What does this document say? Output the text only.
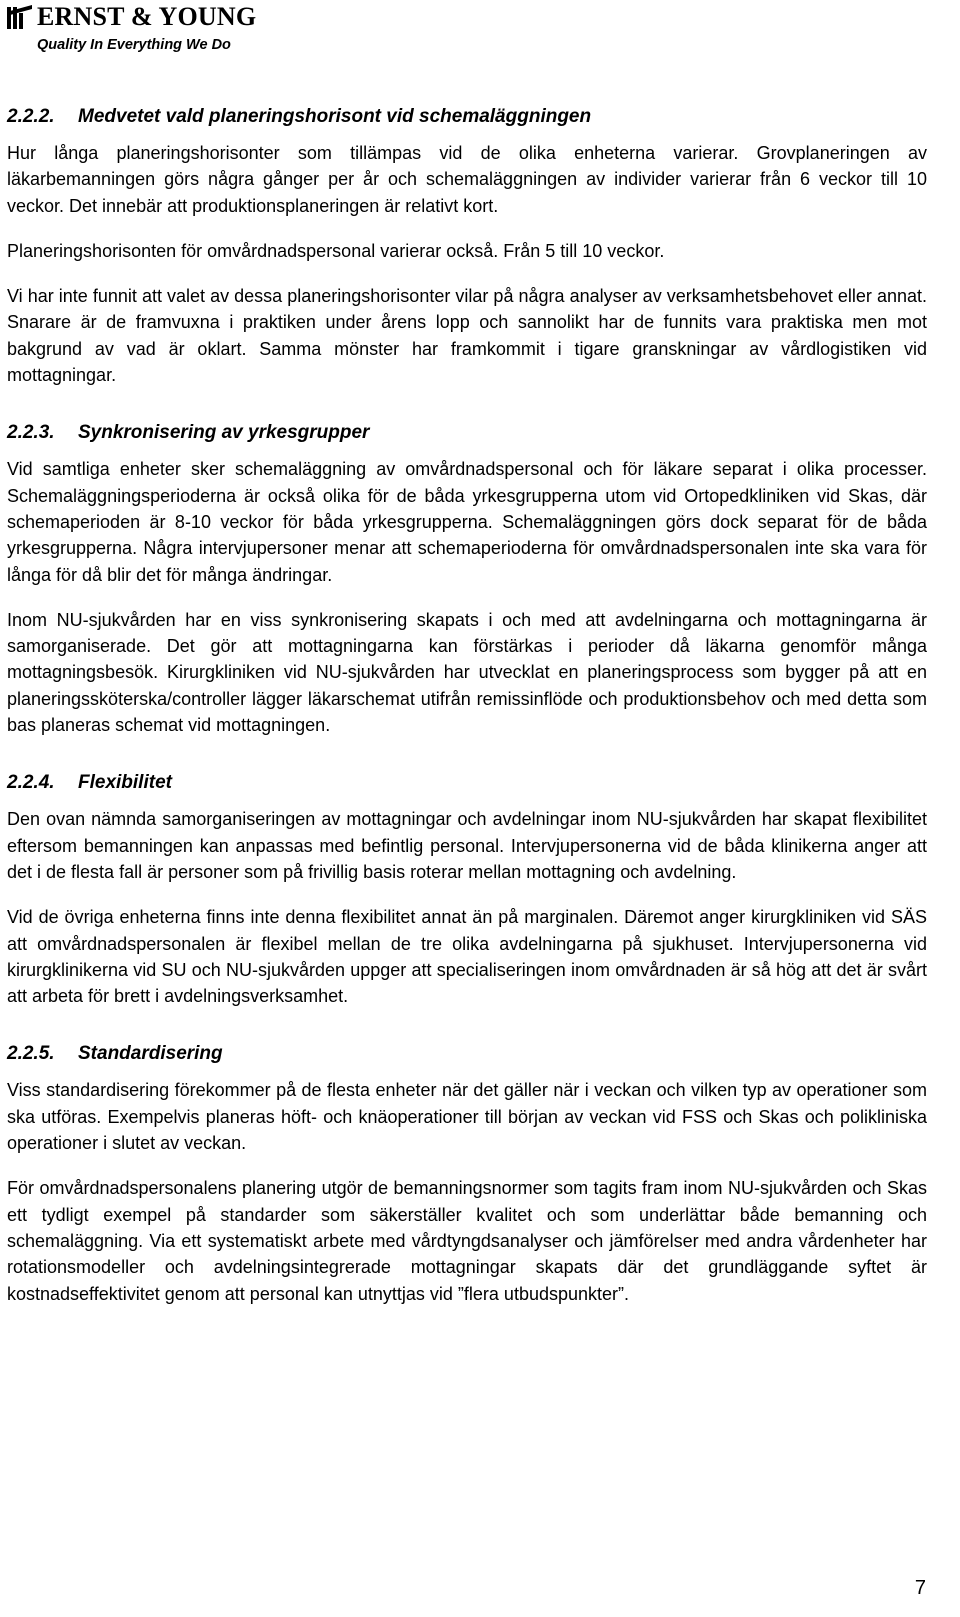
ERNST & YOUNG
Quality In Everything We Do
2.2.2. Medvetet vald planeringshorisont vid schemaläggningen

Hur långa planeringshorisonter som tillämpas vid de olika enheterna varierar. Grovplaneringen av läkarbemanningen görs några gånger per år och schemaläggningen av individer varierar från 6 veckor till 10 veckor. Det innebär att produktionsplaneringen är relativt kort.

Planeringshorisonten för omvårdnadspersonal varierar också. Från 5 till 10 veckor.

Vi har inte funnit att valet av dessa planeringshorisonter vilar på några analyser av verksamhetsbehovet eller annat. Snarare är de framvuxna i praktiken under årens lopp och sannolikt har de funnits vara praktiska men mot bakgrund av vad är oklart. Samma mönster har framkommit i tigare granskningar av vårdlogistiken vid mottagningar.

2.2.3. Synkronisering av yrkesgrupper

Vid samtliga enheter sker schemaläggning av omvårdnadspersonal och för läkare separat i olika processer. Schemaläggningsperioderna är också olika för de båda yrkesgrupperna utom vid Ortopedkliniken vid Skas, där schemaperioden är 8-10 veckor för båda yrkesgrupperna. Schemaläggningen görs dock separat för de båda yrkesgrupperna. Några intervjupersoner menar att schemaperioderna för omvårdnadspersonalen inte ska vara för långa för då blir det för många ändringar.

Inom NU-sjukvården har en viss synkronisering skapats i och med att avdelningarna och mottagningarna är samorganiserade. Det gör att mottagningarna kan förstärkas i perioder då läkarna genomför många mottagningsbesök. Kirurgkliniken vid NU-sjukvården har utvecklat en planeringsprocess som bygger på att en planeringssköterska/controller lägger läkarschemat utifrån remissinflöde och produktionsbehov och med detta som bas planeras schemat vid mottagningen.

2.2.4. Flexibilitet

Den ovan nämnda samorganiseringen av mottagningar och avdelningar inom NU-sjukvården har skapat flexibilitet eftersom bemanningen kan anpassas med befintlig personal. Intervjupersonerna vid de båda klinikerna anger att det i de flesta fall är personer som på frivillig basis roterar mellan mottagning och avdelning.

Vid de övriga enheterna finns inte denna flexibilitet annat än på marginalen. Däremot anger kirurgkliniken vid SÄS att omvårdnadspersonalen är flexibel mellan de tre olika avdelningarna på sjukhuset. Intervjupersonerna vid kirurgklinikerna vid SU och NU-sjukvården uppger att specialiseringen inom omvårdnaden är så hög att det är svårt att arbeta för brett i avdelningsverksamhet.

2.2.5. Standardisering

Viss standardisering förekommer på de flesta enheter när det gäller när i veckan och vilken typ av operationer som ska utföras. Exempelvis planeras höft- och knäoperationer till början av veckan vid FSS och Skas och polikliniska operationer i slutet av veckan.

För omvårdnadspersonalens planering utgör de bemanningsnormer som tagits fram inom NU-sjukvården och Skas ett tydligt exempel på standarder som säkerställer kvalitet och som underlättar både bemanning och schemaläggning. Via ett systematiskt arbete med vårdtyngdsanalyser och jämförelser med andra vårdenheter har rotationsmodeller och avdelningsintegrerade mottagningar skapats där det grundläggande syftet är kostnadseffektivitet genom att personal kan utnyttjas vid ”flera utbudspunkter”.

7
